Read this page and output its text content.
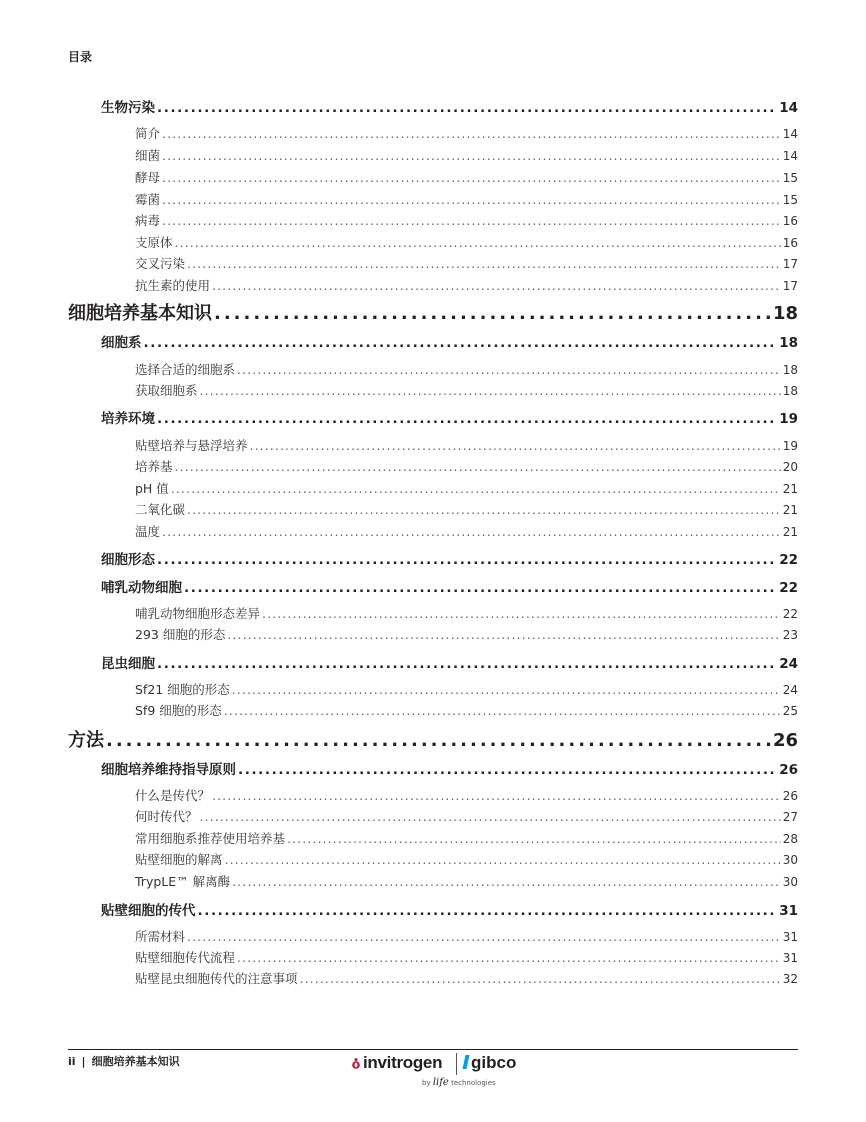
目录
生物污染 .....	14
简介 .....	14
细菌 .....	14
酵母 .....	15
霉菌 .....	15
病毒 .....	16
支原体 .....	16
交叉污染 .....	17
抗生素的使用 .....	17
细胞培养基本知识 .....	18
细胞系 .....	18
选择合适的细胞系 .....	18
获取细胞系 .....	18
培养环境 .....	19
贴壁培养与悬浮培养 .....	19
培养基 .....	20
pH 值 .....	21
二氧化碳 .....	21
温度 .....	21
细胞形态 .....	22
哺乳动物细胞 .....	22
哺乳动物细胞形态差异 .....	22
293 细胞的形态 .....	23
昆虫细胞 .....	24
Sf21 细胞的形态 .....	24
Sf9 细胞的形态 .....	25
方法 .....	26
细胞培养维持指导原则 .....	26
什么是传代？ .....	26
何时传代？ .....	27
常用细胞系推荐使用培养基 .....	28
贴壁细胞的解离 .....	30
TrypLE™ 解离酶 .....	30
贴壁细胞的传代 .....	31
所需材料 .....	31
贴壁细胞传代流程 .....	31
贴壁昆虫细胞传代的注意事项 .....	32
ii | 细胞培养基本知识	invitrogen	gibco
by life technologies
